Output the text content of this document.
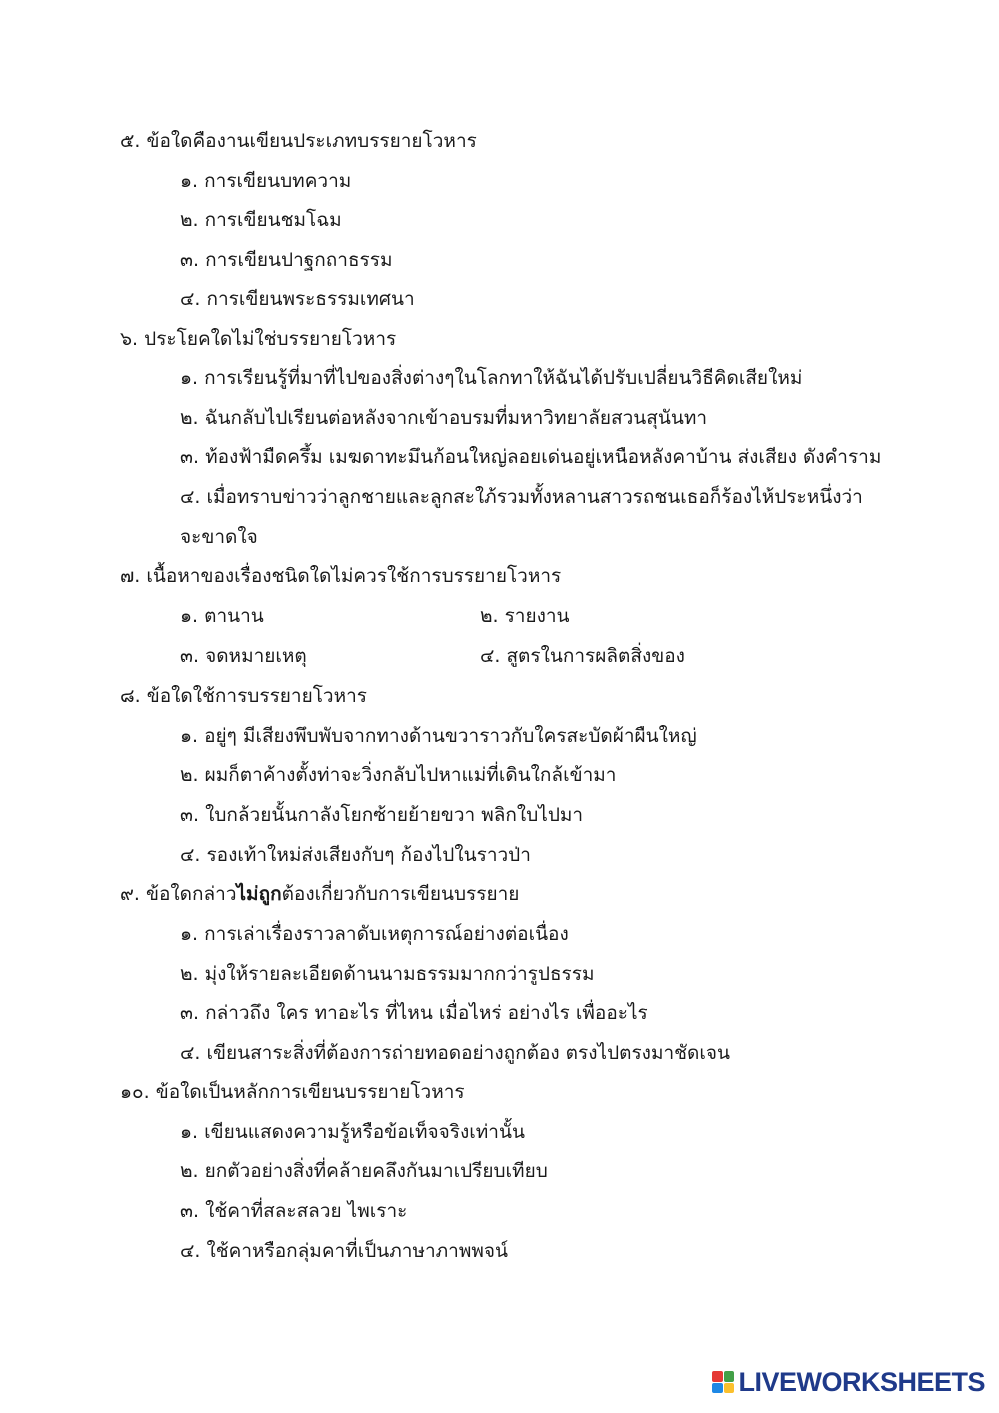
๕. ข้อใดคืองานเขียนประเภทบรรยายโวหาร
๑. การเขียนบทความ
๒. การเขียนชมโฉม
๓. การเขียนปาฐกถาธรรม
๔. การเขียนพระธรรมเทศนา
๖. ประโยคใดไม่ใช่บรรยายโวหาร
๑. การเรียนรู้ที่มาที่ไปของสิ่งต่างๆในโลกทาให้ฉันได้ปรับเปลี่ยนวิธีคิดเสียใหม่
๒. ฉันกลับไปเรียนต่อหลังจากเข้าอบรมที่มหาวิทยาลัยสวนสุนันทา
๓. ท้องฟ้ามืดครึ้ม เมฆดาทะมึนก้อนใหญ่ลอยเด่นอยู่เหนือหลังคาบ้าน ส่งเสียง ดังคำราม
๔. เมื่อทราบข่าวว่าลูกชายและลูกสะใภ้รวมทั้งหลานสาวรถชนเธอก็ร้องไห้ประหนึ่งว่าจะขาดใจ
๗. เนื้อหาของเรื่องชนิดใดไม่ควรใช้การบรรยายโวหาร
๑. ตานาน	๒. รายงาน
๓. จดหมายเหตุ	๔. สูตรในการผลิตสิ่งของ
๘. ข้อใดใช้การบรรยายโวหาร
๑. อยู่ๆ มีเสียงพึบพับจากทางด้านขวาราวกับใครสะบัดผ้าผืนใหญ่
๒. ผมก็ตาค้างตั้งท่าจะวิ่งกลับไปหาแม่ที่เดินใกล้เข้ามา
๓. ใบกล้วยนั้นกาลังโยกซ้ายย้ายขวา พลิกใบไปมา
๔. รองเท้าใหม่ส่งเสียงกับๆ ก้องไปในราวป่า
๙. ข้อใดกล่าวไม่ถูกต้องเกี่ยวกับการเขียนบรรยาย
๑. การเล่าเรื่องราวลาดับเหตุการณ์อย่างต่อเนื่อง
๒. มุ่งให้รายละเอียดด้านนามธรรมมากกว่ารูปธรรม
๓. กล่าวถึง ใคร ทาอะไร ที่ไหน เมื่อไหร่ อย่างไร เพื่ออะไร
๔. เขียนสาระสิ่งที่ต้องการถ่ายทอดอย่างถูกต้อง ตรงไปตรงมาชัดเจน
๑๐. ข้อใดเป็นหลักการเขียนบรรยายโวหาร
๑. เขียนแสดงความรู้หรือข้อเท็จจริงเท่านั้น
๒. ยกตัวอย่างสิ่งที่คล้ายคลึงกันมาเปรียบเทียบ
๓. ใช้คาที่สละสลวย ไพเราะ
๔. ใช้คาหรือกลุ่มคาที่เป็นภาษาภาพพจน์
LIVEWORKSHEETS
